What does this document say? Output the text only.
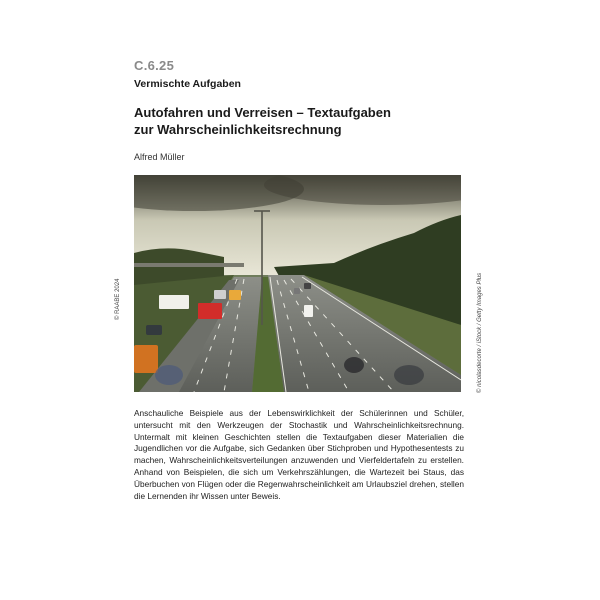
C.6.25
Vermischte Aufgaben
Autofahren und Verreisen – Textaufgaben
zur Wahrscheinlichkeitsrechnung
Alfred Müller
© RAABE 2024	© nicolasdecorte / iStock / Getty Images Plus
Anschauliche Beispiele aus der Lebenswirklichkeit der Schülerinnen und Schüler, untersucht mit den Werkzeugen der Stochastik und Wahrscheinlichkeitsrechnung. Untermalt mit kleinen Geschichten stellen die Textaufgaben dieser Materialien die Jugendlichen vor die Aufgabe, sich Gedanken über Stichproben und Hypothesentests zu machen, Wahrscheinlichkeitsverteilungen anzuwenden und Vierfeldertafeln zu erstellen. Anhand von Beispielen, die sich um Verkehrszählungen, die Wartezeit bei Staus, das Überbuchen von Flügen oder die Regenwahrscheinlichkeit am Urlaubsziel drehen, stellen die Lernenden ihr Wissen unter Beweis.
